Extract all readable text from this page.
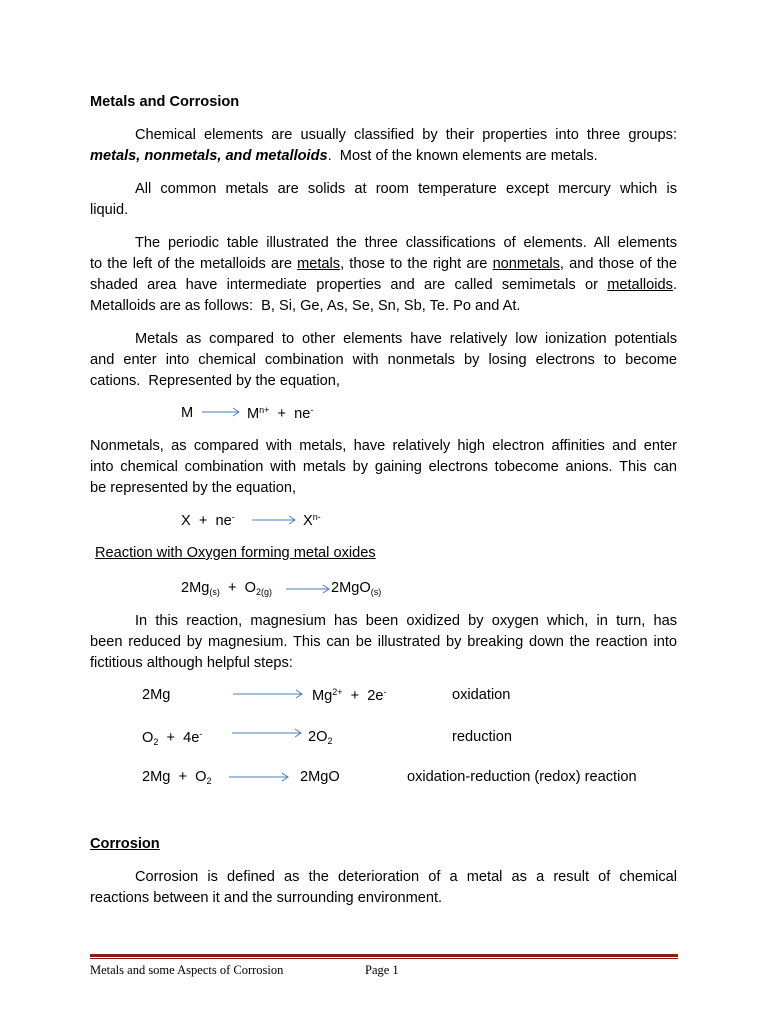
Metals and Corrosion
Chemical elements are usually classified by their properties into three groups:
metals, nonmetals, and metalloids.  Most of the known elements are metals.
All common metals are solids at room temperature except mercury which is
liquid.
The periodic table illustrated the three classifications of elements. All elements
to the left of the metalloids are metals, those to the right are nonmetals, and those of the
shaded area have intermediate properties and are called semimetals or metalloids.
Metalloids are as follows:  B, Si, Ge, As, Se, Sn, Sb, Te. Po and At.
Metals as compared to other elements have relatively low ionization potentials
and enter into chemical combination with nonmetals by losing electrons to become
cations.  Represented by the equation,
M	$M^{n+} + ne^-$
Nonmetals, as compared with metals, have relatively high electron affinities and enter
into chemical combination with metals by gaining electrons tobecome anions. This can
be represented by the equation,
X  +  ne-	$X^{n-}$
Reaction with Oxygen forming metal oxides
$2Mg_{(s)} + O_{2(g)}$	2MgO$_{(s)}$
In this reaction, magnesium has been oxidized by oxygen which, in turn, has
been reduced by magnesium. This can be illustrated by breaking down the reaction into
fictitious although helpful steps:
2Mg	$Mg^{2+} + 2e^-$	oxidation
$O_2 + 4e^-$	$2O_2$	reduction
$2Mg + O_2$	2MgO	oxidation-reduction (redox) reaction
Corrosion
Corrosion is defined as the deterioration of a metal as a result of chemical
reactions between it and the surrounding environment.
Metals and some Aspects of Corrosion	Page 1
